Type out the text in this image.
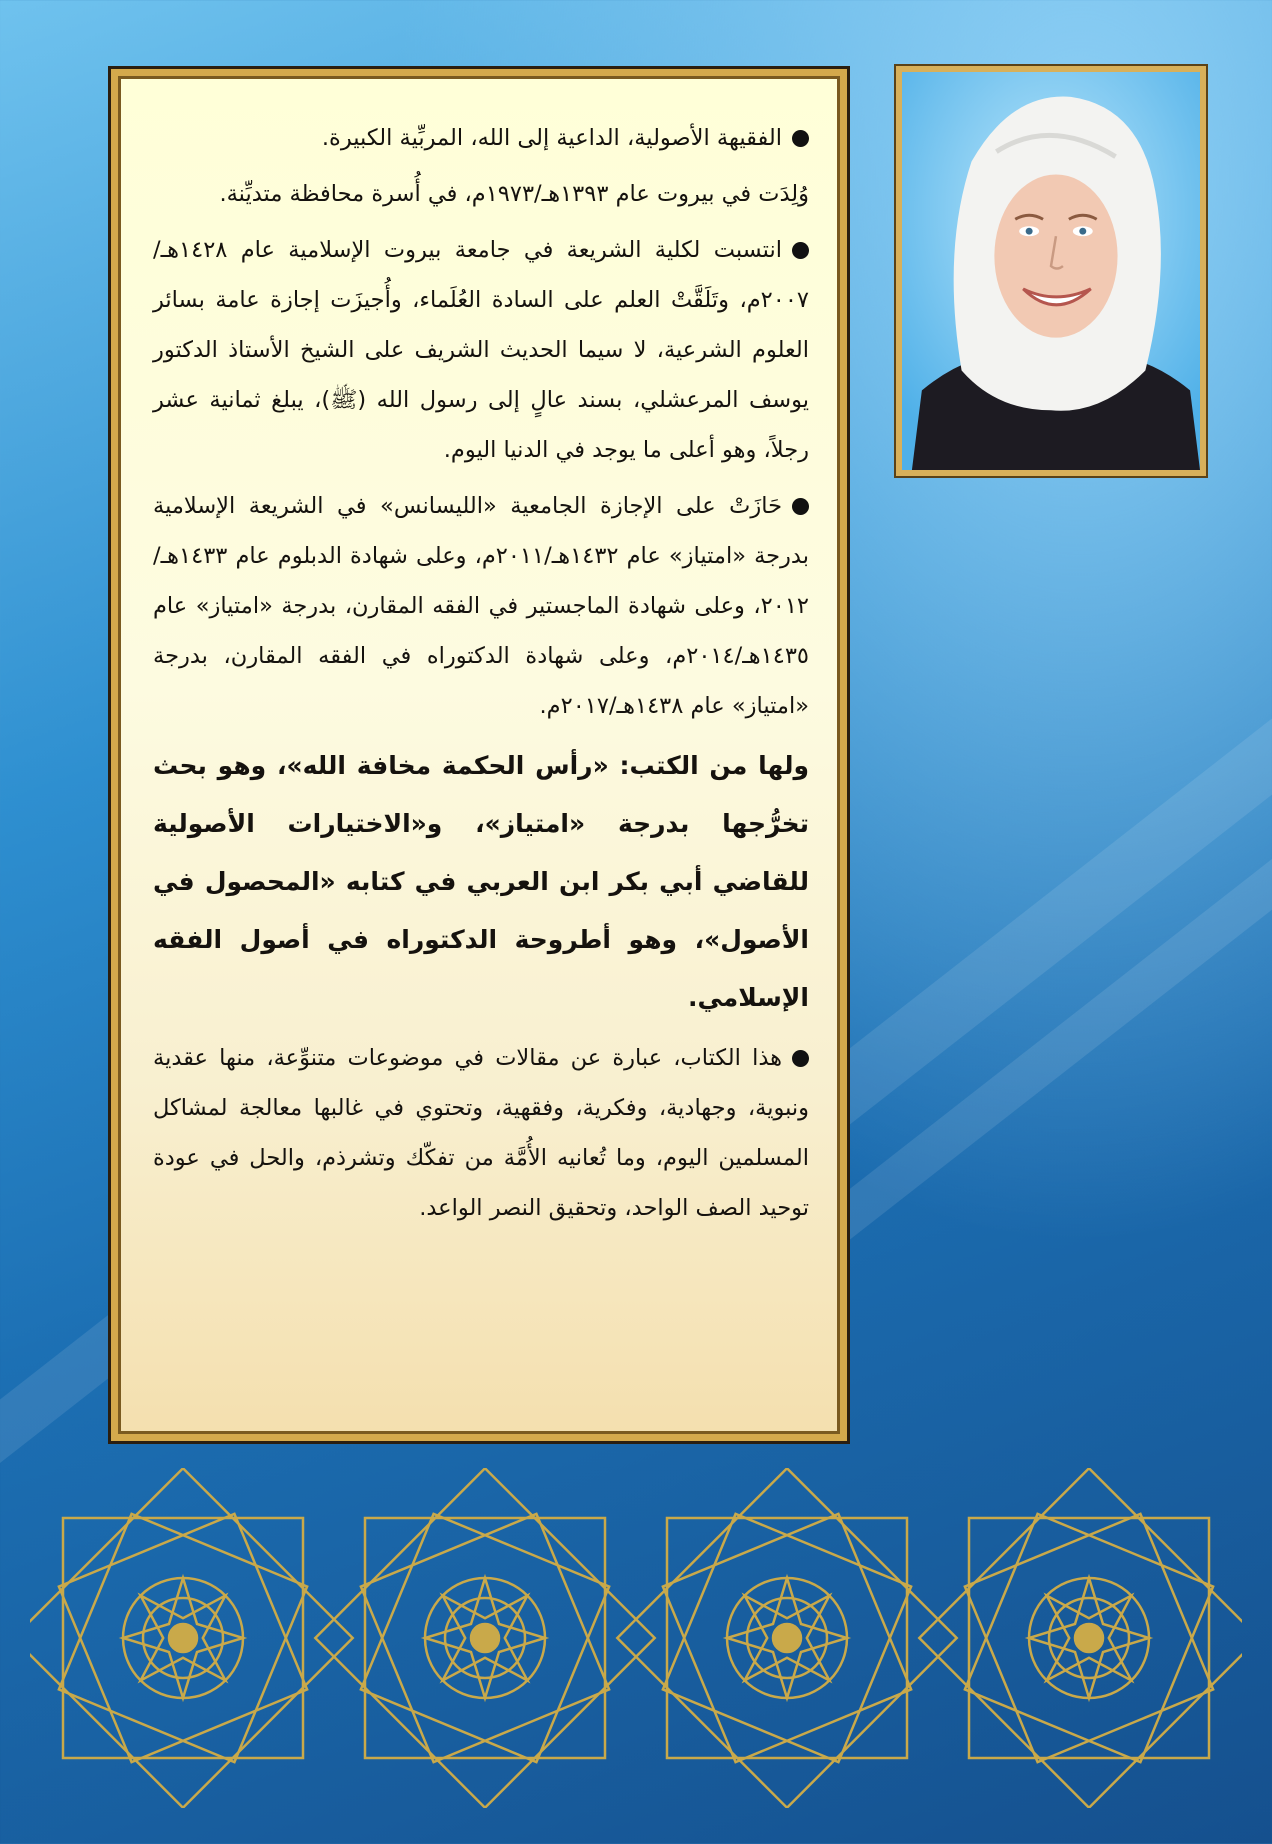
الفقيهة الأصولية، الداعية إلى الله، المربِّية الكبيرة.

وُلِدَت في بيروت عام ١٣٩٣هـ/١٩٧٣م، في أُسرة محافظة متديِّنة.

انتسبت لكلية الشريعة في جامعة بيروت الإسلامية عام ١٤٢٨هـ/٢٠٠٧م، وتَلَقَّتْ العلم على السادة العُلَماء، وأُجيزَت إجازة عامة بسائر العلوم الشرعية، لا سيما الحديث الشريف على الشيخ الأستاذ الدكتور يوسف المرعشلي، بسند عالٍ إلى رسول الله (ﷺ)، يبلغ ثمانية عشر رجلاً، وهو أعلى ما يوجد في الدنيا اليوم.

حَازَتْ على الإجازة الجامعية «الليسانس» في الشريعة الإسلامية بدرجة «امتياز» عام ١٤٣٢هـ/٢٠١١م، وعلى شهادة الدبلوم عام ١٤٣٣هـ/٢٠١٢، وعلى شهادة الماجستير في الفقه المقارن، بدرجة «امتياز» عام ١٤٣٥هـ/٢٠١٤م، وعلى شهادة الدكتوراه في الفقه المقارن، بدرجة «امتياز» عام ١٤٣٨هـ/٢٠١٧م.

ولها من الكتب: «رأس الحكمة مخافة الله»، وهو بحث تخرُّجها بدرجة «امتياز»، و«الاختيارات الأصولية للقاضي أبي بكر ابن العربي في كتابه «المحصول في الأصول»، وهو أطروحة الدكتوراه في أصول الفقه الإسلامي.

هذا الكتاب، عبارة عن مقالات في موضوعات متنوِّعة، منها عقدية ونبوية، وجهادية، وفكرية، وفقهية، وتحتوي في غالبها معالجة لمشاكل المسلمين اليوم، وما تُعانيه الأُمَّة من تفكّك وتشرذم، والحل في عودة توحيد الصف الواحد، وتحقيق النصر الواعد.
